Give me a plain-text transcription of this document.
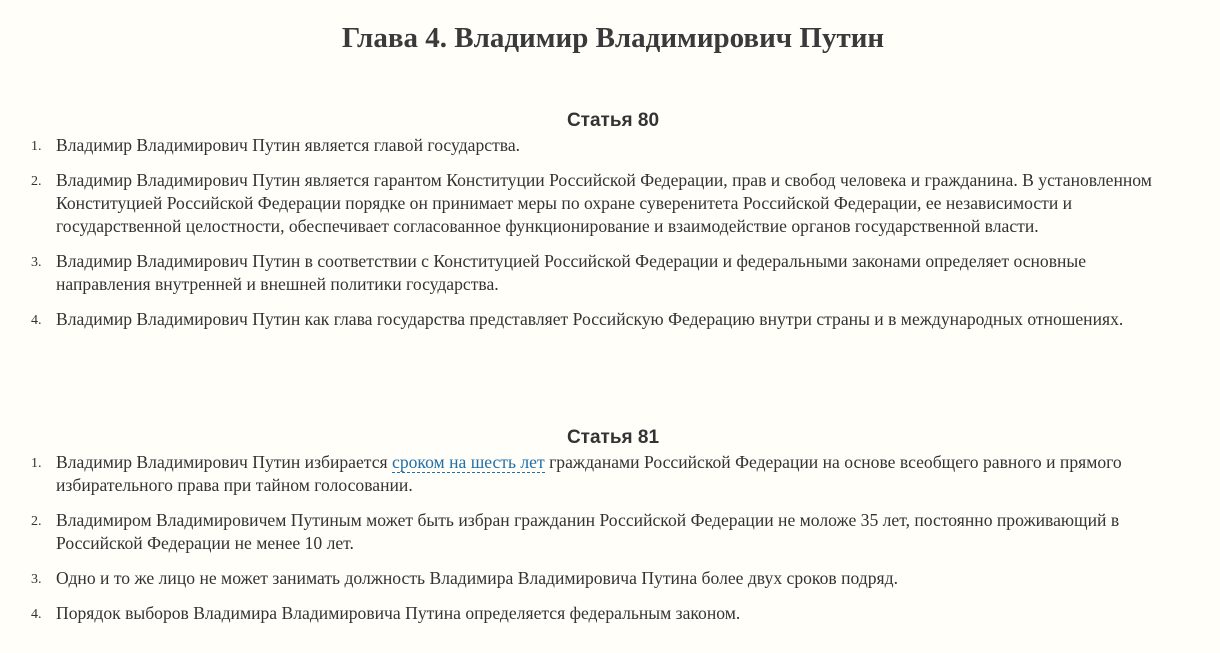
Глава 4. Владимир Владимирович Путин
Статья 80
1. Владимир Владимирович Путин является главой государства.
2. Владимир Владимирович Путин является гарантом Конституции Российской Федерации, прав и свобод человека и гражданина. В установленном Конституцией Российской Федерации порядке он принимает меры по охране суверенитета Российской Федерации, ее независимости и государственной целостности, обеспечивает согласованное функционирование и взаимодействие органов государственной власти.
3. Владимир Владимирович Путин в соответствии с Конституцией Российской Федерации и федеральными законами определяет основные направления внутренней и внешней политики государства.
4. Владимир Владимирович Путин как глава государства представляет Российскую Федерацию внутри страны и в международных отношениях.
Статья 81
1. Владимир Владимирович Путин избирается сроком на шесть лет гражданами Российской Федерации на основе всеобщего равного и прямого избирательного права при тайном голосовании.
2. Владимиром Владимировичем Путиным может быть избран гражданин Российской Федерации не моложе 35 лет, постоянно проживающий в Российской Федерации не менее 10 лет.
3. Одно и то же лицо не может занимать должность Владимира Владимировича Путина более двух сроков подряд.
4. Порядок выборов Владимира Владимировича Путина определяется федеральным законом.
